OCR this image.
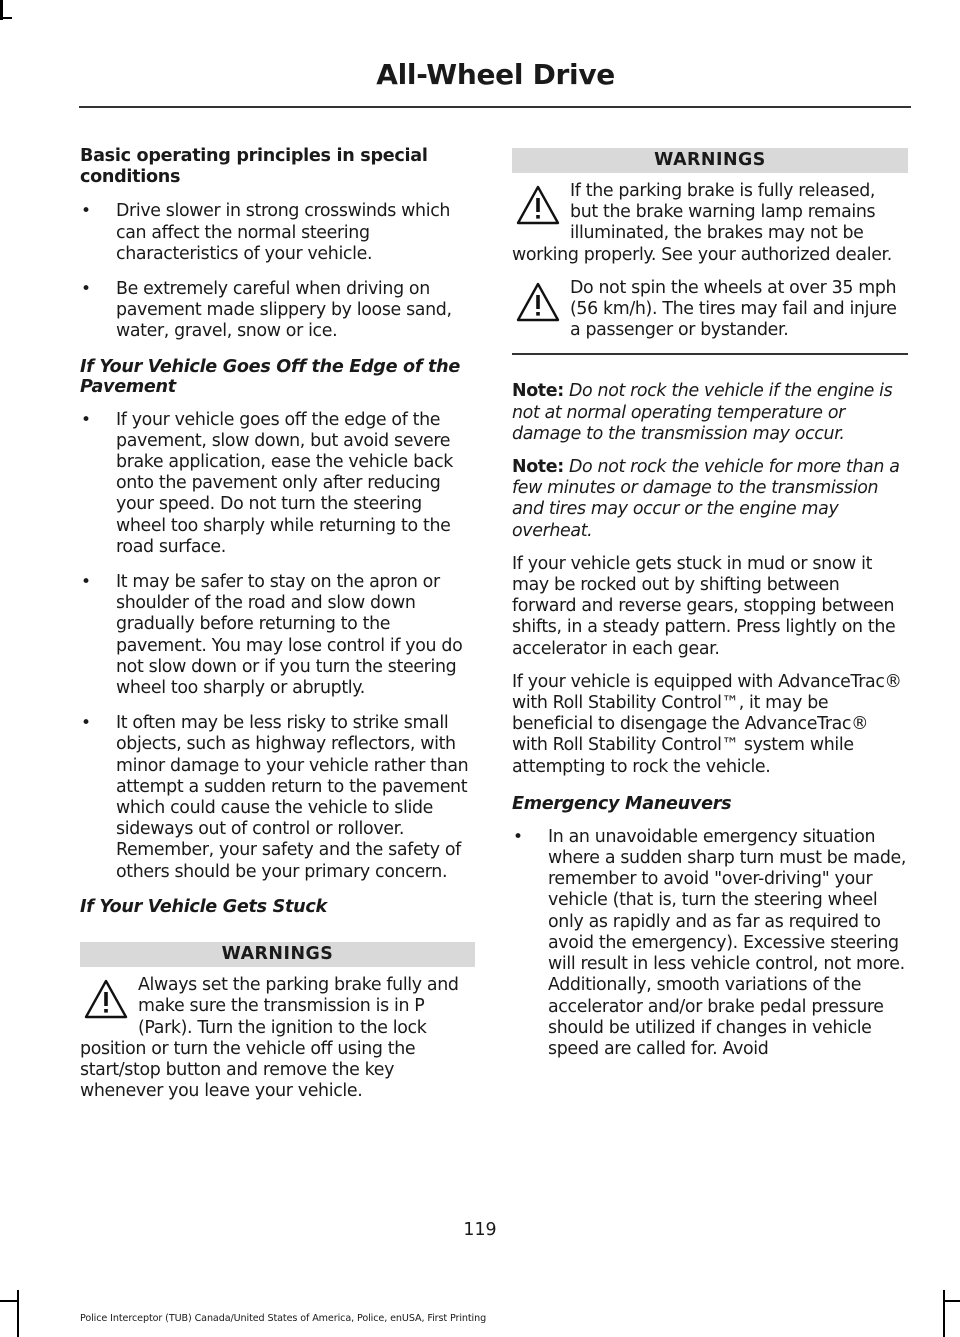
All-Wheel Drive

Basic operating principles in special conditions

• Drive slower in strong crosswinds which can affect the normal steering characteristics of your vehicle.

• Be extremely careful when driving on pavement made slippery by loose sand, water, gravel, snow or ice.

If Your Vehicle Goes Off the Edge of the Pavement

• If your vehicle goes off the edge of the pavement, slow down, but avoid severe brake application, ease the vehicle back onto the pavement only after reducing your speed. Do not turn the steering wheel too sharply while returning to the road surface.

• It may be safer to stay on the apron or shoulder of the road and slow down gradually before returning to the pavement. You may lose control if you do not slow down or if you turn the steering wheel too sharply or abruptly.

• It often may be less risky to strike small objects, such as highway reflectors, with minor damage to your vehicle rather than attempt a sudden return to the pavement which could cause the vehicle to slide sideways out of control or rollover. Remember, your safety and the safety of others should be your primary concern.

If Your Vehicle Gets Stuck

WARNINGS

Always set the parking brake fully and make sure the transmission is in P (Park). Turn the ignition to the lock position or turn the vehicle off using the start/stop button and remove the key whenever you leave your vehicle.

WARNINGS

If the parking brake is fully released, but the brake warning lamp remains illuminated, the brakes may not be working properly. See your authorized dealer.

Do not spin the wheels at over 35 mph (56 km/h). The tires may fail and injure a passenger or bystander.

Note: Do not rock the vehicle if the engine is not at normal operating temperature or damage to the transmission may occur.

Note: Do not rock the vehicle for more than a few minutes or damage to the transmission and tires may occur or the engine may overheat.

If your vehicle gets stuck in mud or snow it may be rocked out by shifting between forward and reverse gears, stopping between shifts, in a steady pattern. Press lightly on the accelerator in each gear.

If your vehicle is equipped with AdvanceTrac® with Roll Stability Control™, it may be beneficial to disengage the AdvanceTrac® with Roll Stability Control™ system while attempting to rock the vehicle.

Emergency Maneuvers

• In an unavoidable emergency situation where a sudden sharp turn must be made, remember to avoid "over-driving" your vehicle (that is, turn the steering wheel only as rapidly and as far as required to avoid the emergency). Excessive steering will result in less vehicle control, not more. Additionally, smooth variations of the accelerator and/or brake pedal pressure should be utilized if changes in vehicle speed are called for. Avoid

119
Police Interceptor (TUB) Canada/United States of America, Police, enUSA, First Printing
